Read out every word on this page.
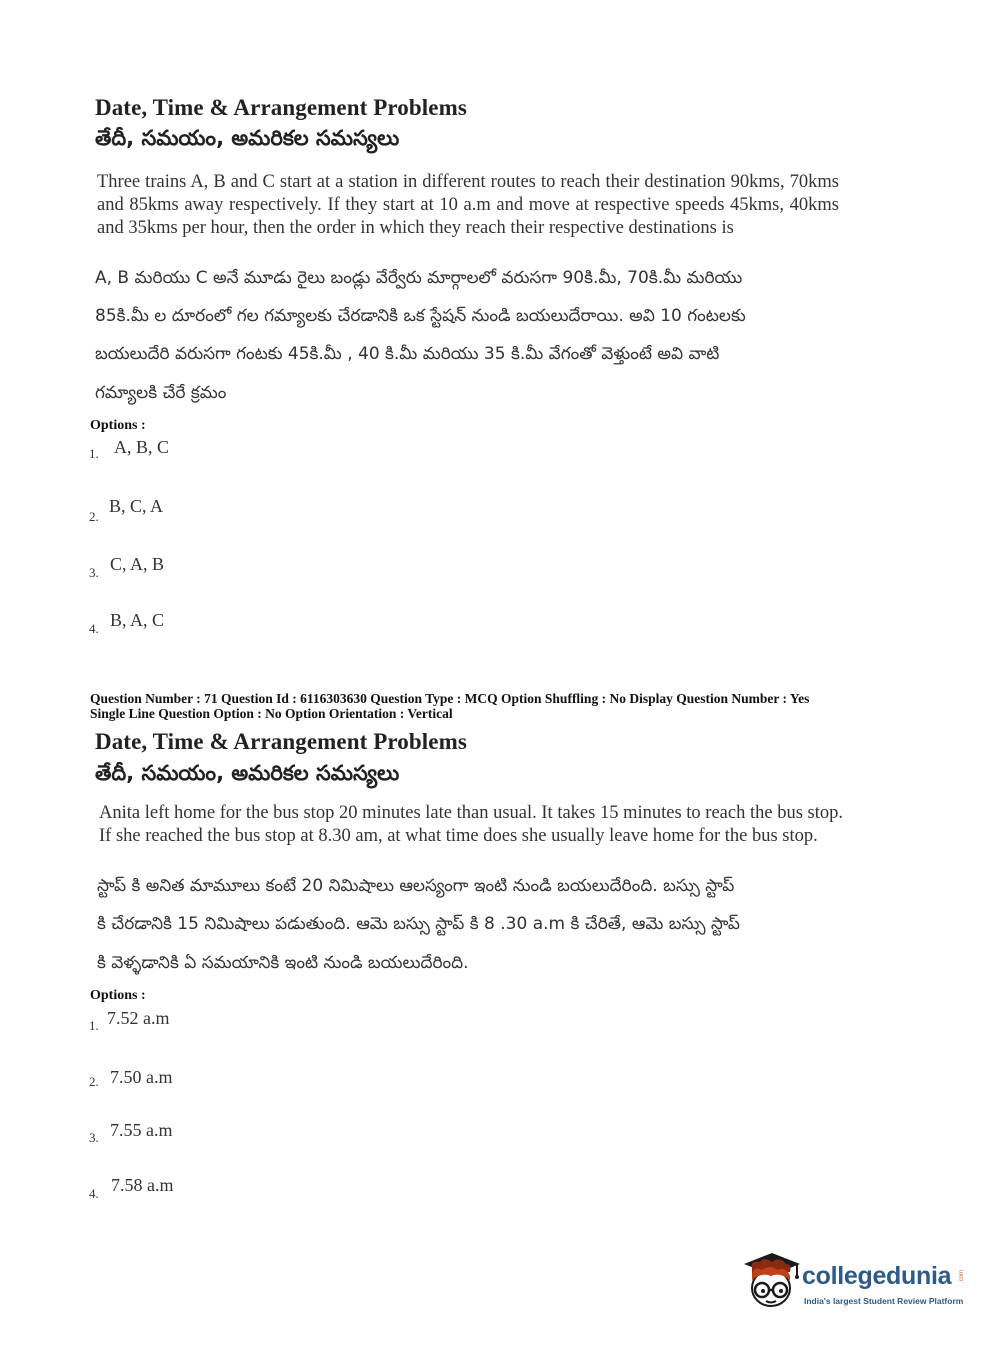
Date, Time & Arrangement Problems
తేదీ, సమయం, అమరికల సమస్యలు
Three trains A, B and C start at a station in different routes to reach their destination 90kms, 70kms and 85kms away respectively. If they start at 10 a.m and move at respective speeds 45kms, 40kms and 35kms per hour, then the order in which they reach their respective destinations is
A, B మరియు C అనే మూడు రైలు బండ్లు వేర్వేరు మార్గాలలో వరుసగా 90కి.మీ, 70కి.మీ మరియు
85కి.మీ ల దూరంలో గల గమ్యాలకు చేరడానికి ఒక స్టేషన్ నుండి బయలుదేరాయి. అవి 10 గంటలకు
బయలుదేరి వరుసగా గంటకు 45కి.మీ , 40 కి.మీ మరియు 35 కి.మీ వేగంతో వెళ్తుంటే అవి వాటి
గమ్యాలకి చేరే క్రమం
Options :
1. A, B, C
2.
B, C, A
3. C, A, B
4. B, A, C
Question Number : 71 Question Id : 6116303630 Question Type : MCQ Option Shuffling : No Display Question Number : Yes
Single Line Question Option : No Option Orientation : Vertical
Date, Time & Arrangement Problems
తేదీ, సమయం, అమరికల సమస్యలు
Anita left home for the bus stop 20 minutes late than usual. It takes 15 minutes to reach the bus stop. If she reached the bus stop at 8.30 am, at what time does she usually leave home for the bus stop.
స్టాప్ కి అనిత మామూలు కంటే 20 నిమిషాలు ఆలస్యంగా ఇంటి నుండి బయలుదేరింది. బస్సు స్టాప్
కి చేరడానికి 15 నిమిషాలు పడుతుంది. ఆమె బస్సు స్టాప్ కి 8 .30 a.m కి చేరితే, ఆమె బస్సు స్టాప్
కి వెళ్ళడానికి ఏ సమయానికి ఇంటి నుండి బయలుదేరింది.
Options :
1. 7.52 a.m
2. 7.50 a.m
3. 7.55 a.m
4. 7.58 a.m
collegedunia .com
India's largest Student Review Platform
